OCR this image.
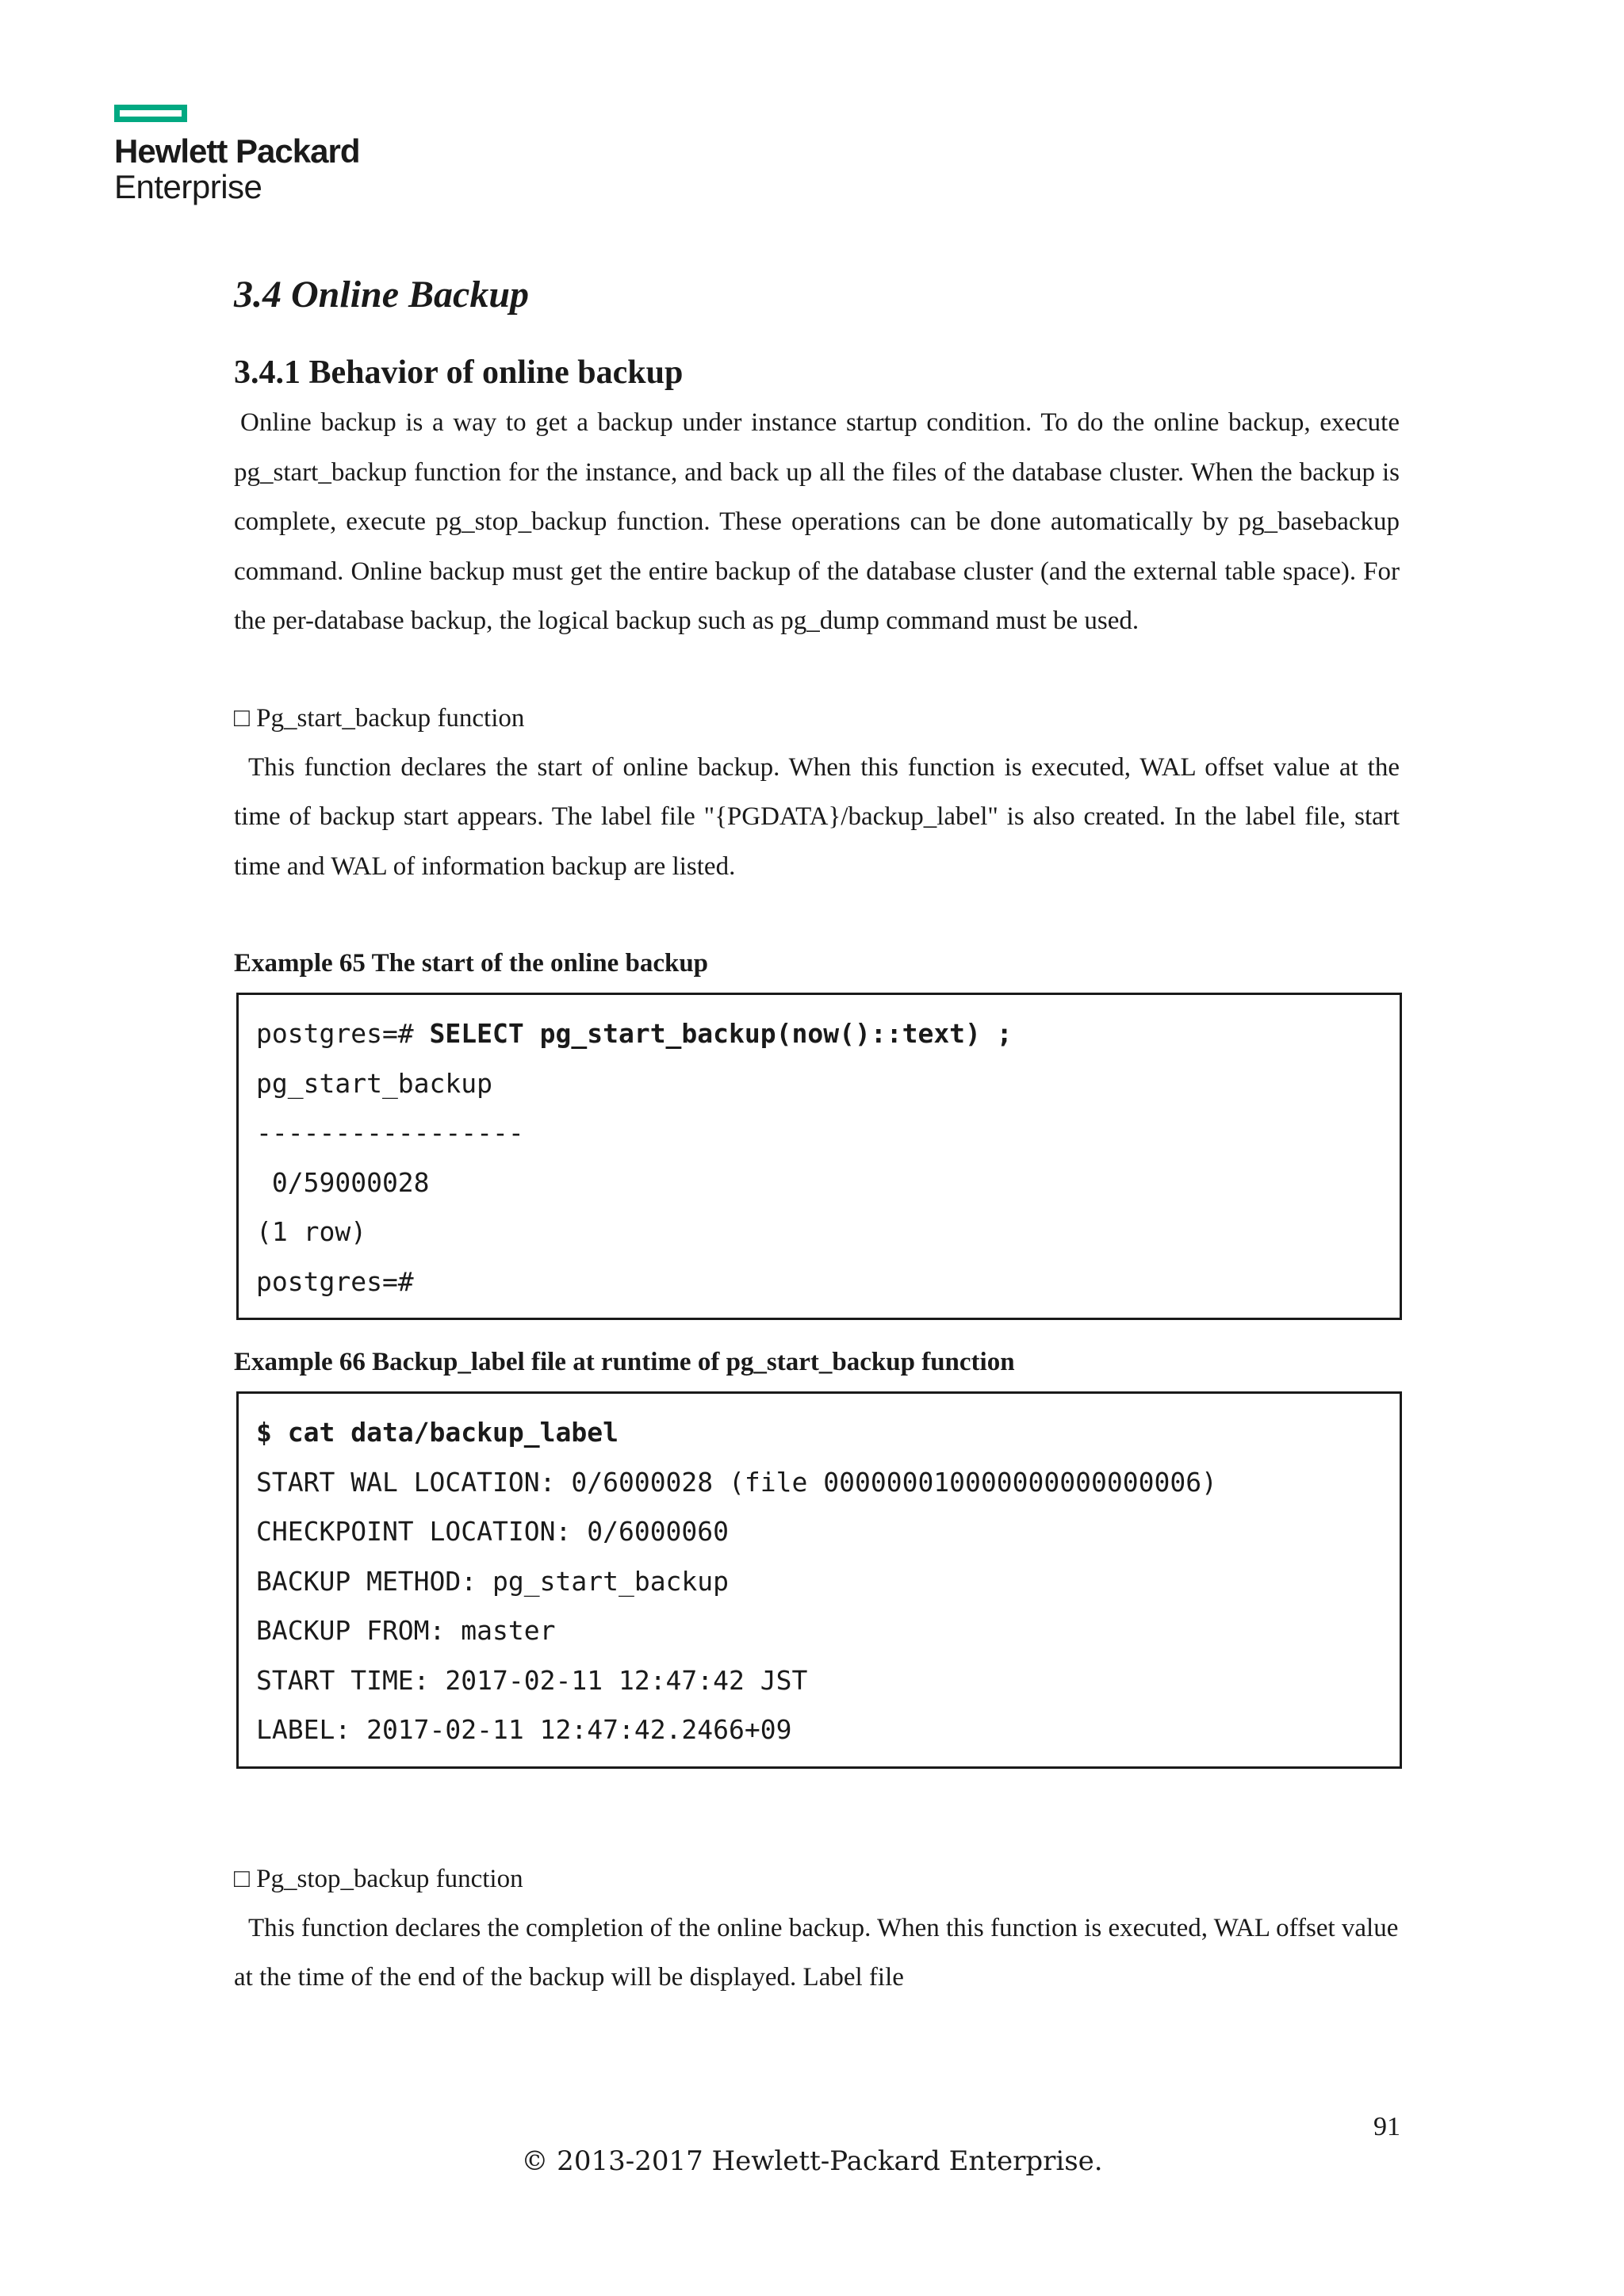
Hewlett Packard
Enterprise
3.4 Online Backup
3.4.1 Behavior of online backup

Online backup is a way to get a backup under instance startup condition. To do the online backup, execute pg_start_backup function for the instance, and back up all the files of the database cluster. When the backup is complete, execute pg_stop_backup function. These operations can be done automatically by pg_basebackup command. Online backup must get the entire backup of the database cluster (and the external table space). For the per-database backup, the logical backup such as pg_dump command must be used.

□ Pg_start_backup function

This function declares the start of online backup. When this function is executed, WAL offset value at the time of backup start appears. The label file "{PGDATA}/backup_label" is also created. In the label file, start time and WAL of information backup are listed.

Example 65 The start of the online backup

postgres=# SELECT pg_start_backup(now()::text) ;
pg_start_backup
-----------------
0/59000028
(1 row)
postgres=#

Example 66 Backup_label file at runtime of pg_start_backup function

$ cat data/backup_label
START WAL LOCATION: 0/6000028 (file 000000010000000000000006)
CHECKPOINT LOCATION: 0/6000060
BACKUP METHOD: pg_start_backup
BACKUP FROM: master
START TIME: 2017-02-11 12:47:42 JST
LABEL: 2017-02-11 12:47:42.2466+09

□ Pg_stop_backup function

This function declares the completion of the online backup. When this function is executed, WAL offset value at the time of the end of the backup will be displayed. Label file

91
© 2013-2017 Hewlett-Packard Enterprise.
